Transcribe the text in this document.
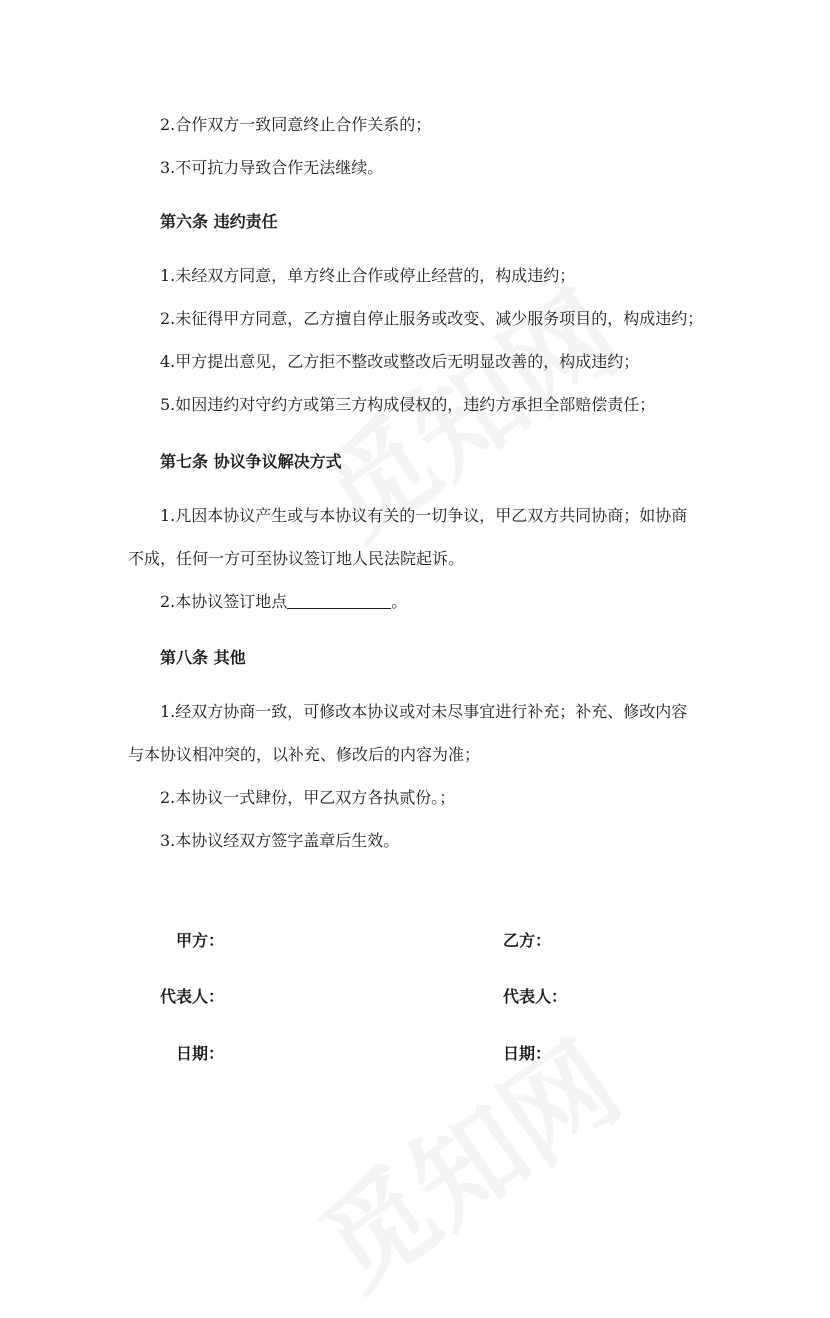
2.合作双方一致同意终止合作关系的；
3.不可抗力导致合作无法继续。
第六条 违约责任
1.未经双方同意，单方终止合作或停止经营的，构成违约；
2.未征得甲方同意，乙方擅自停止服务或改变、减少服务项目的，构成违约；
4.甲方提出意见，乙方拒不整改或整改后无明显改善的，构成违约；
5.如因违约对守约方或第三方构成侵权的，违约方承担全部赔偿责任；
第七条 协议争议解决方式
1.凡因本协议产生或与本协议有关的一切争议，甲乙双方共同协商；如协商
不成，任何一方可至协议签订地人民法院起诉。
2.本协议签订地点	。
第八条 其他
1.经双方协商一致，可修改本协议或对未尽事宜进行补充；补充、修改内容
与本协议相冲突的，以补充、修改后的内容为准；
2.本协议一式肆份，甲乙双方各执贰份。；
3.本协议经双方签字盖章后生效。
甲方：	乙方：
代表人：	代表人：
日期：	日期：
